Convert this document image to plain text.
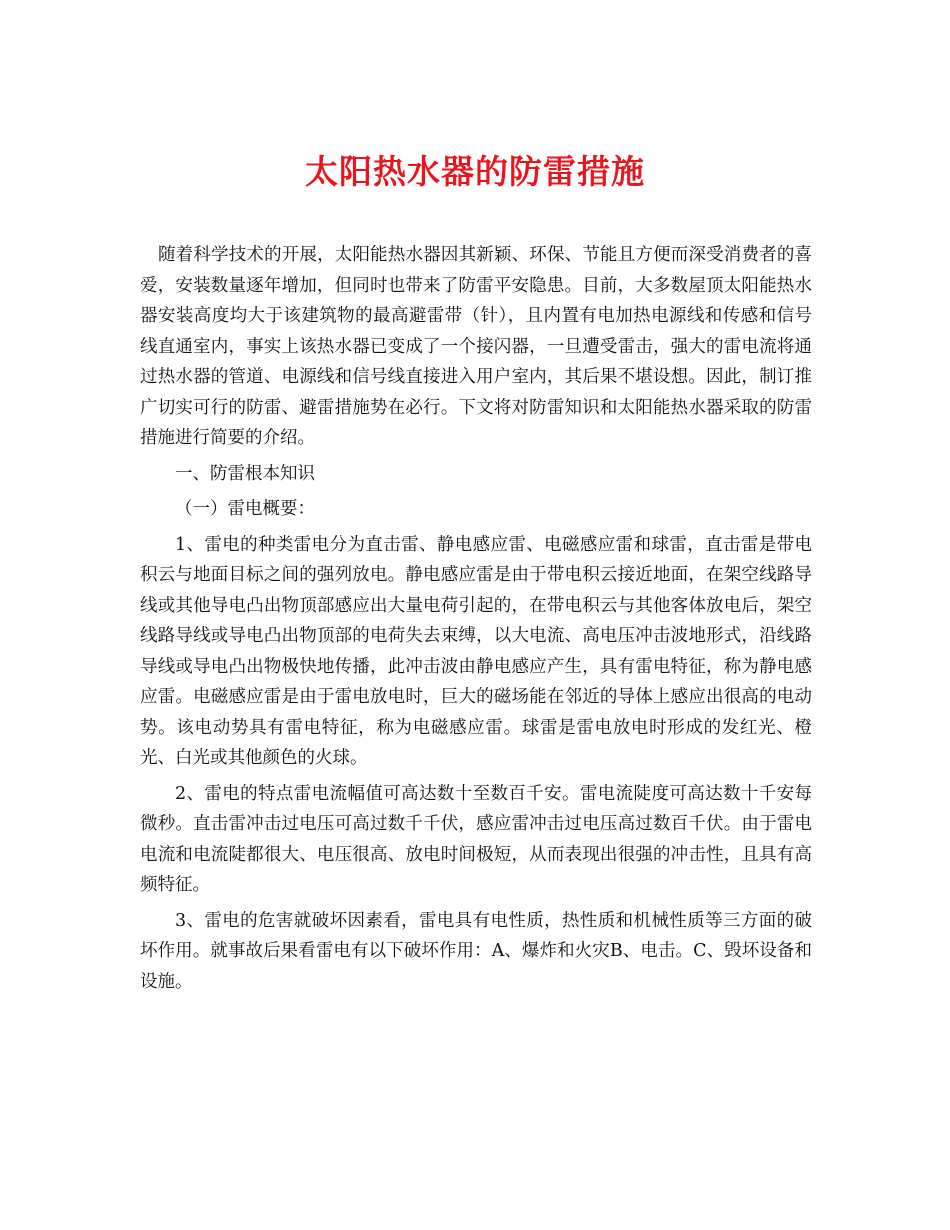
太阳热水器的防雷措施

随着科学技术的开展，太阳能热水器因其新颖、环保、节能且方便而深受消费者的喜爱，安装数量逐年增加，但同时也带来了防雷平安隐患。目前，大多数屋顶太阳能热水器安装高度均大于该建筑物的最高避雷带（针），且内置有电加热电源线和传感和信号线直通室内，事实上该热水器已变成了一个接闪器，一旦遭受雷击，强大的雷电流将通过热水器的管道、电源线和信号线直接进入用户室内，其后果不堪设想。因此，制订推广切实可行的防雷、避雷措施势在必行。下文将对防雷知识和太阳能热水器采取的防雷措施进行简要的介绍。

一、防雷根本知识

（一）雷电概要：

1、雷电的种类雷电分为直击雷、静电感应雷、电磁感应雷和球雷，直击雷是带电积云与地面目标之间的强列放电。静电感应雷是由于带电积云接近地面，在架空线路导线或其他导电凸出物顶部感应出大量电荷引起的，在带电积云与其他客体放电后，架空线路导线或导电凸出物顶部的电荷失去束缚，以大电流、高电压冲击波地形式，沿线路导线或导电凸出物极快地传播，此冲击波由静电感应产生，具有雷电特征，称为静电感应雷。电磁感应雷是由于雷电放电时，巨大的磁场能在邻近的导体上感应出很高的电动势。该电动势具有雷电特征，称为电磁感应雷。球雷是雷电放电时形成的发红光、橙光、白光或其他颜色的火球。

2、雷电的特点雷电流幅值可高达数十至数百千安。雷电流陡度可高达数十千安每微秒。直击雷冲击过电压可高过数千千伏，感应雷冲击过电压高过数百千伏。由于雷电电流和电流陡都很大、电压很高、放电时间极短，从而表现出很强的冲击性，且具有高频特征。

3、雷电的危害就破坏因素看，雷电具有电性质，热性质和机械性质等三方面的破坏作用。就事故后果看雷电有以下破坏作用：A、爆炸和火灾B、电击。C、毁坏设备和设施。
